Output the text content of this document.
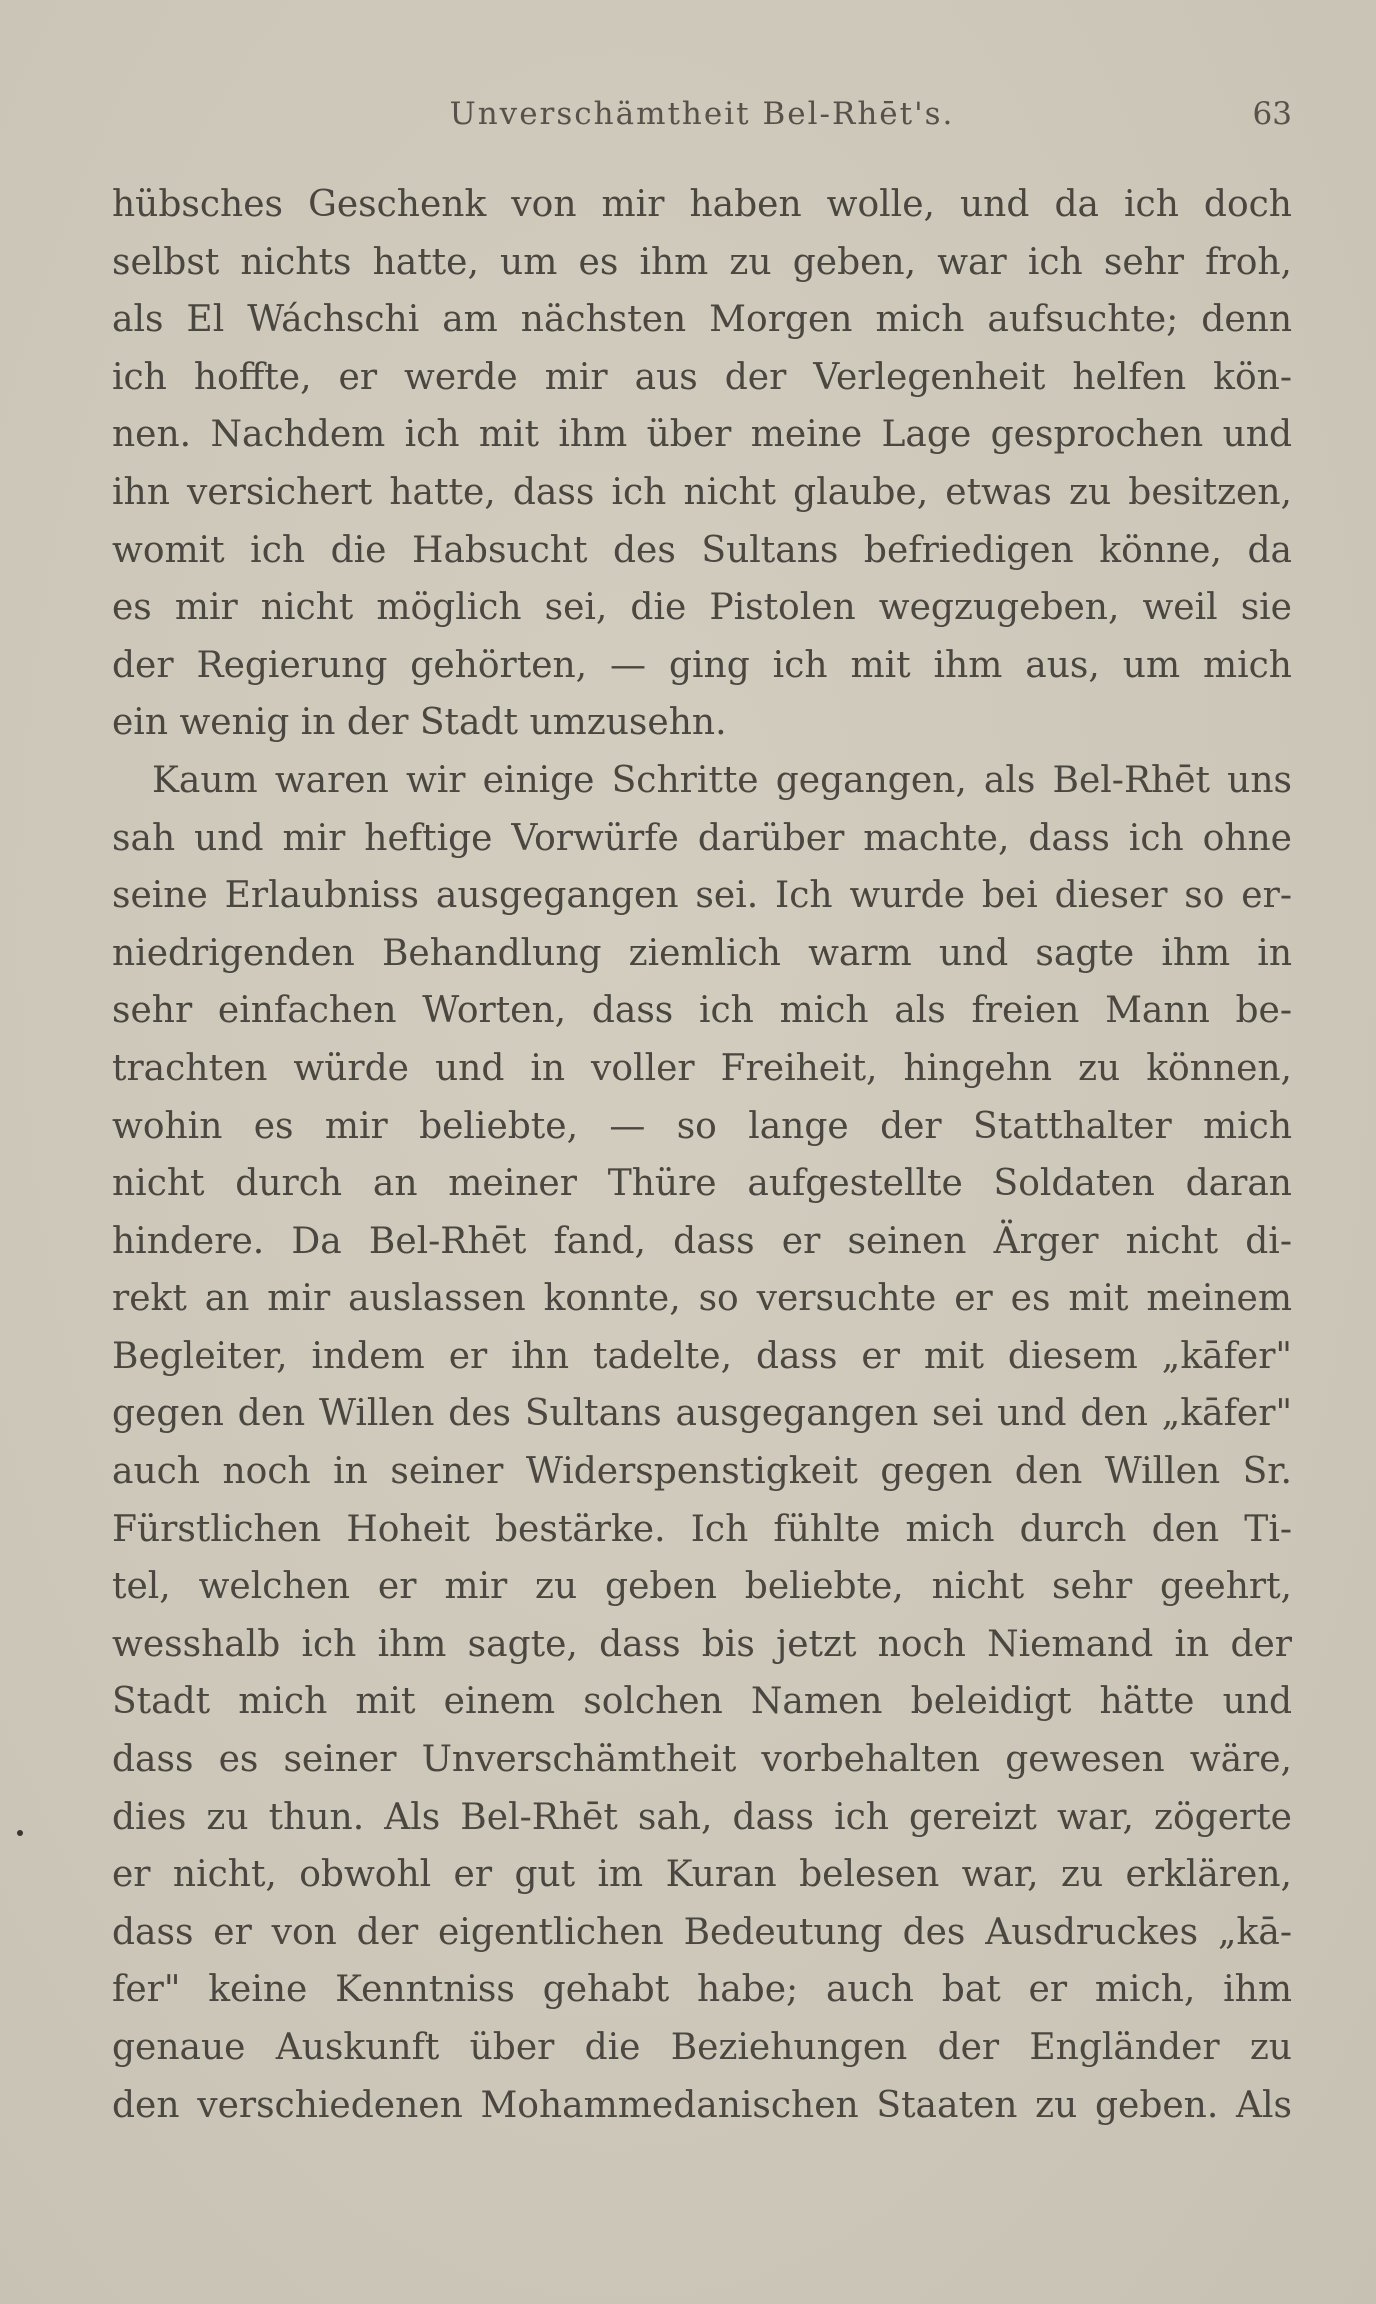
Unverschämtheit Bel-Rhēt's.	63
hübsches Geschenk von mir haben wolle, und da ich doch
selbst nichts hatte, um es ihm zu geben, war ich sehr froh,
als El Wáchschi am nächsten Morgen mich aufsuchte; denn
ich hoffte, er werde mir aus der Verlegenheit helfen kön-
nen. Nachdem ich mit ihm über meine Lage gesprochen und
ihn versichert hatte, dass ich nicht glaube, etwas zu besitzen,
womit ich die Habsucht des Sultans befriedigen könne, da
es mir nicht möglich sei, die Pistolen wegzugeben, weil sie
der Regierung gehörten, — ging ich mit ihm aus, um mich
ein wenig in der Stadt umzusehn.
Kaum waren wir einige Schritte gegangen, als Bel-Rhēt uns
sah und mir heftige Vorwürfe darüber machte, dass ich ohne
seine Erlaubniss ausgegangen sei. Ich wurde bei dieser so er-
niedrigenden Behandlung ziemlich warm und sagte ihm in
sehr einfachen Worten, dass ich mich als freien Mann be-
trachten würde und in voller Freiheit, hingehn zu können,
wohin es mir beliebte, — so lange der Statthalter mich
nicht durch an meiner Thüre aufgestellte Soldaten daran
hindere. Da Bel-Rhēt fand, dass er seinen Ärger nicht di-
rekt an mir auslassen konnte, so versuchte er es mit meinem
Begleiter, indem er ihn tadelte, dass er mit diesem „kāfer"
gegen den Willen des Sultans ausgegangen sei und den „kāfer"
auch noch in seiner Widerspenstigkeit gegen den Willen Sr.
Fürstlichen Hoheit bestärke. Ich fühlte mich durch den Ti-
tel, welchen er mir zu geben beliebte, nicht sehr geehrt,
wesshalb ich ihm sagte, dass bis jetzt noch Niemand in der
Stadt mich mit einem solchen Namen beleidigt hätte und
dass es seiner Unverschämtheit vorbehalten gewesen wäre,
dies zu thun. Als Bel-Rhēt sah, dass ich gereizt war, zögerte
er nicht, obwohl er gut im Kuran belesen war, zu erklären,
dass er von der eigentlichen Bedeutung des Ausdruckes „kā-
fer" keine Kenntniss gehabt habe; auch bat er mich, ihm
genaue Auskunft über die Beziehungen der Engländer zu
den verschiedenen Mohammedanischen Staaten zu geben. Als
